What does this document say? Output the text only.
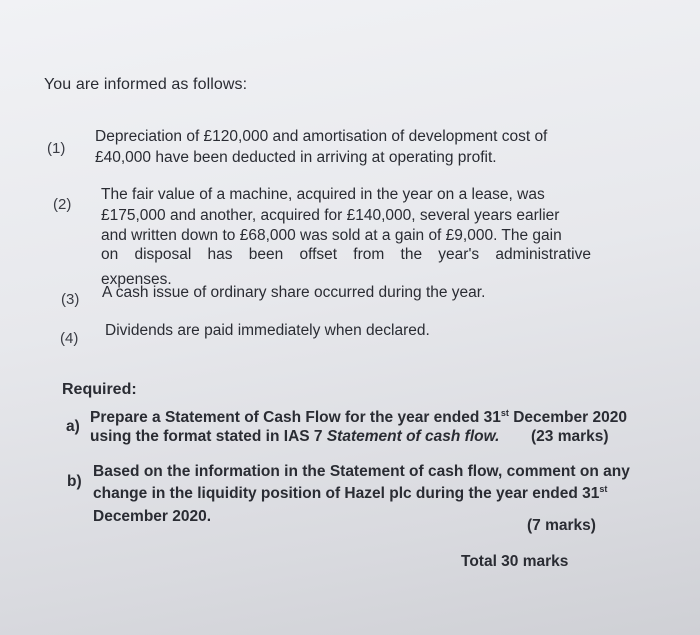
You are informed as follows:
(1)
Depreciation of £120,000 and amortisation of development cost of
£40,000 have been deducted in arriving at operating profit.
(2)
The fair value of a machine, acquired in the year on a lease, was
£175,000 and another, acquired for £140,000, several years earlier
and written down to £68,000 was sold at a gain of £9,000. The gain
on disposal has been offset from the year's administrative
expenses.
(3) A cash issue of ordinary share occurred during the year.
(4) Dividends are paid immediately when declared.
Required:
a)
Prepare a Statement of Cash Flow for the year ended 31st December 2020
using the format stated in IAS 7 Statement of cash flow. (23 marks)
b)
Based on the information in the Statement of cash flow, comment on any
change in the liquidity position of Hazel plc during the year ended 31st
December 2020.
(7 marks)
Total 30 marks
